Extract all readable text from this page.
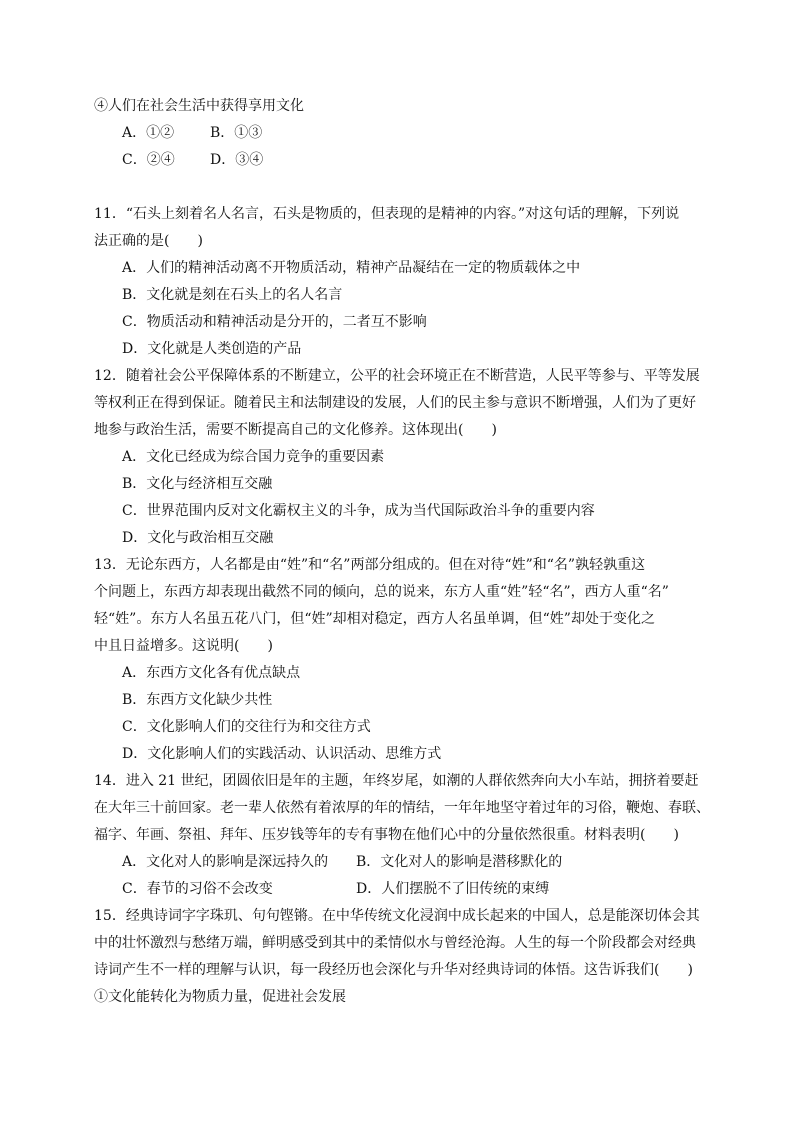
④人们在社会生活中获得享用文化
A．①②	B．①③
C．②④	D．③④
11．“石头上刻着名人名言，石头是物质的，但表现的是精神的内容。”对这句话的理解，下列说
法正确的是(　　)
A．人们的精神活动离不开物质活动，精神产品凝结在一定的物质载体之中
B．文化就是刻在石头上的名人名言
C．物质活动和精神活动是分开的，二者互不影响
D．文化就是人类创造的产品
12．随着社会公平保障体系的不断建立，公平的社会环境正在不断营造，人民平等参与、平等发展
等权利正在得到保证。随着民主和法制建设的发展，人们的民主参与意识不断增强，人们为了更好
地参与政治生活，需要不断提高自己的文化修养。这体现出(　　)
A．文化已经成为综合国力竞争的重要因素
B．文化与经济相互交融
C．世界范围内反对文化霸权主义的斗争，成为当代国际政治斗争的重要内容
D．文化与政治相互交融
13．无论东西方，人名都是由“姓”和“名”两部分组成的。但在对待“姓”和“名”孰轻孰重这
个问题上，东西方却表现出截然不同的倾向，总的说来，东方人重“姓”轻“名”，西方人重“名”
轻“姓”。东方人名虽五花八门，但“姓”却相对稳定，西方人名虽单调，但“姓”却处于变化之
中且日益增多。这说明(　　)
A．东西方文化各有优点缺点
B．东西方文化缺少共性
C．文化影响人们的交往行为和交往方式
D．文化影响人们的实践活动、认识活动、思维方式
14．进入 21 世纪，团圆依旧是年的主题，年终岁尾，如潮的人群依然奔向大小车站，拥挤着要赶
在大年三十前回家。老一辈人依然有着浓厚的年的情结，一年年地坚守着过年的习俗，鞭炮、春联、
福字、年画、祭祖、拜年、压岁钱等年的专有事物在他们心中的分量依然很重。材料表明(　　)
A．文化对人的影响是深远持久的 B．文化对人的影响是潜移默化的
C．春节的习俗不会改变	D．人们摆脱不了旧传统的束缚
15．经典诗词字字珠玑、句句铿锵。在中华传统文化浸润中成长起来的中国人，总是能深切体会其
中的壮怀激烈与愁绪万端，鲜明感受到其中的柔情似水与曾经沧海。人生的每一个阶段都会对经典
诗词产生不一样的理解与认识，每一段经历也会深化与升华对经典诗词的体悟。这告诉我们(　　)
①文化能转化为物质力量，促进社会发展
